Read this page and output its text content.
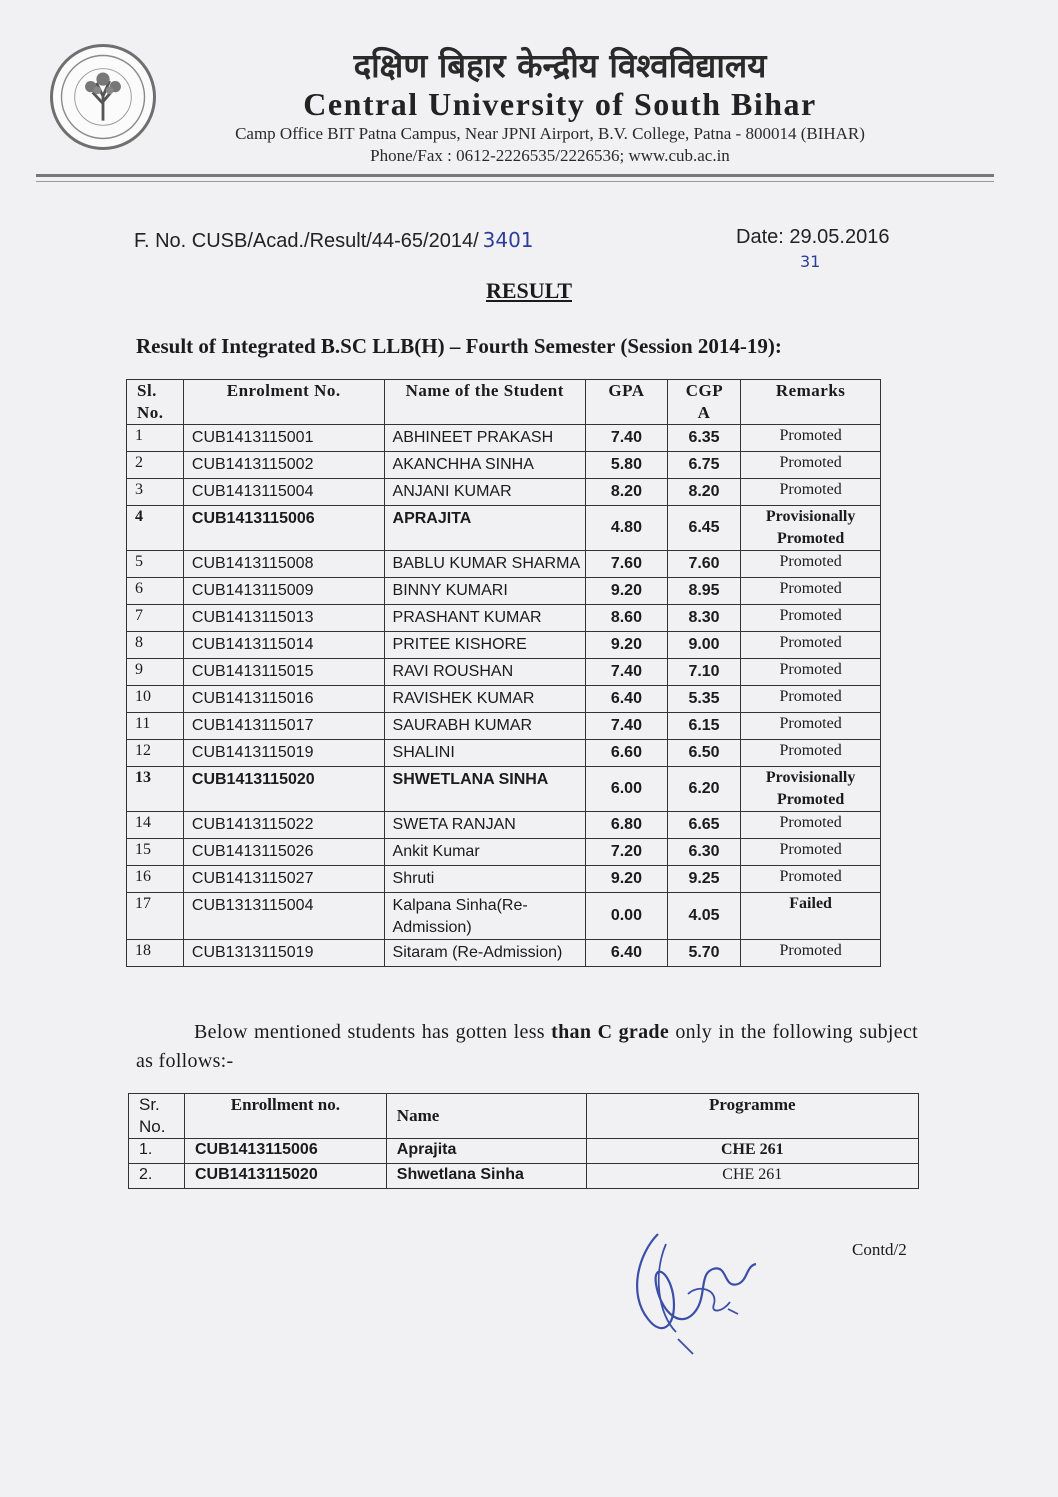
दक्षिण बिहार केन्द्रीय विश्वविद्यालय
Central University of South Bihar
Camp Office BIT Patna Campus, Near JPNI Airport, B.V. College, Patna - 800014 (BIHAR)
Phone/Fax : 0612-2226535/2226536; www.cub.ac.in
F. No. CUSB/Acad./Result/44-65/2014/ 3401	Date: 29.05.2016
31
RESULT
Result of Integrated B.SC LLB(H) – Fourth Semester (Session 2014-19):
Sl. No.	Enrolment No.	Name of the Student	GPA	CGP A	Remarks
1	CUB1413115001	ABHINEET PRAKASH	7.40	6.35	Promoted
2	CUB1413115002	AKANCHHA SINHA	5.80	6.75	Promoted
3	CUB1413115004	ANJANI KUMAR	8.20	8.20	Promoted
4	CUB1413115006	APRAJITA	4.80	6.45	Provisionally Promoted
5	CUB1413115008	BABLU KUMAR SHARMA	7.60	7.60	Promoted
6	CUB1413115009	BINNY KUMARI	9.20	8.95	Promoted
7	CUB1413115013	PRASHANT KUMAR	8.60	8.30	Promoted
8	CUB1413115014	PRITEE KISHORE	9.20	9.00	Promoted
9	CUB1413115015	RAVI ROUSHAN	7.40	7.10	Promoted
10	CUB1413115016	RAVISHEK KUMAR	6.40	5.35	Promoted
11	CUB1413115017	SAURABH KUMAR	7.40	6.15	Promoted
12	CUB1413115019	SHALINI	6.60	6.50	Promoted
13	CUB1413115020	SHWETLANA SINHA	6.00	6.20	Provisionally Promoted
14	CUB1413115022	SWETA RANJAN	6.80	6.65	Promoted
15	CUB1413115026	Ankit Kumar	7.20	6.30	Promoted
16	CUB1413115027	Shruti	9.20	9.25	Promoted
17	CUB1313115004	Kalpana Sinha(Re-Admission)	0.00	4.05	Failed
18	CUB1313115019	Sitaram (Re-Admission)	6.40	5.70	Promoted
Below mentioned students has gotten less than C grade only in the following subject as follows:-
Sr. No.	Enrollment no.	Name	Programme
1.	CUB1413115006	Aprajita	CHE 261
2.	CUB1413115020	Shwetlana Sinha	CHE 261
Contd/2
